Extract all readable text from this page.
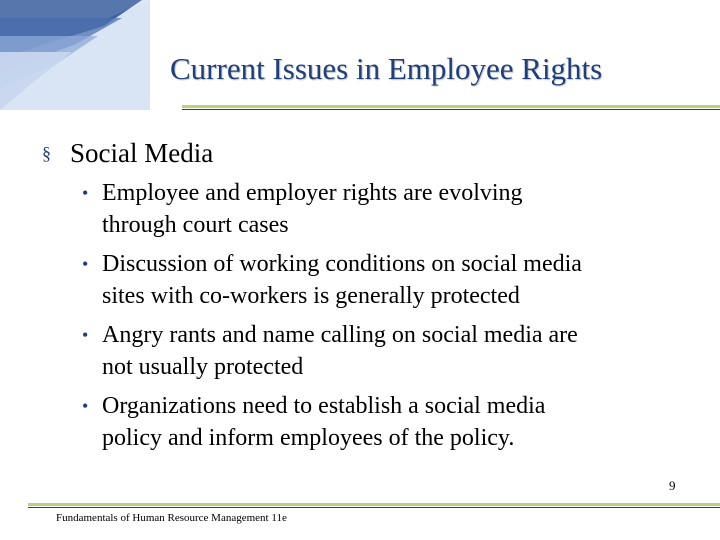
Current Issues in Employee Rights
§ Social Media
• Employee and employer rights are evolving
through court cases
• Discussion of working conditions on social media
sites with co-workers is generally protected
• Angry rants and name calling on social media are
not usually protected
• Organizations need to establish a social media
policy and inform employees of the policy.
Fundamentals of Human Resource Management 11e
9
